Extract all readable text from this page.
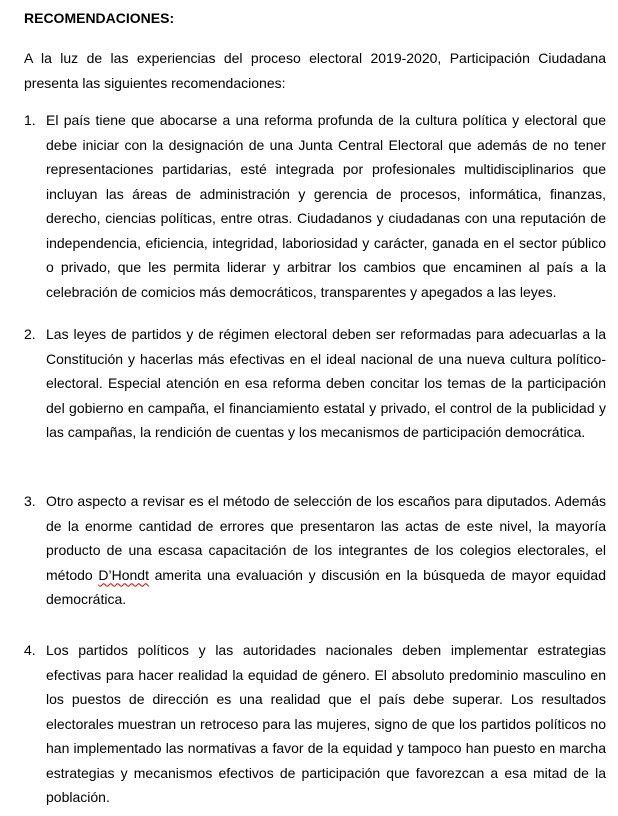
RECOMENDACIONES:

A la luz de las experiencias del proceso electoral 2019-2020, Participación Ciudadana presenta las siguientes recomendaciones:

1. El país tiene que abocarse a una reforma profunda de la cultura política y electoral que debe iniciar con la designación de una Junta Central Electoral que además de no tener representaciones partidarias, esté integrada por profesionales multidisciplinarios que incluyan las áreas de administración y gerencia de procesos, informática, finanzas, derecho, ciencias políticas, entre otras. Ciudadanos y ciudadanas con una reputación de independencia, eficiencia, integridad, laboriosidad y carácter, ganada en el sector público o privado, que les permita liderar y arbitrar los cambios que encaminen al país a la celebración de comicios más democráticos, transparentes y apegados a las leyes.

2. Las leyes de partidos y de régimen electoral deben ser reformadas para adecuarlas a la Constitución y hacerlas más efectivas en el ideal nacional de una nueva cultura político-electoral. Especial atención en esa reforma deben concitar los temas de la participación del gobierno en campaña, el financiamiento estatal y privado, el control de la publicidad y las campañas, la rendición de cuentas y los mecanismos de participación democrática.

3. Otro aspecto a revisar es el método de selección de los escaños para diputados. Además de la enorme cantidad de errores que presentaron las actas de este nivel, la mayoría producto de una escasa capacitación de los integrantes de los colegios electorales, el método D’Hondt amerita una evaluación y discusión en la búsqueda de mayor equidad democrática.

4. Los partidos políticos y las autoridades nacionales deben implementar estrategias efectivas para hacer realidad la equidad de género. El absoluto predominio masculino en los puestos de dirección es una realidad que el país debe superar. Los resultados electorales muestran un retroceso para las mujeres, signo de que los partidos políticos no han implementado las normativas a favor de la equidad y tampoco han puesto en marcha estrategias y mecanismos efectivos de participación que favorezcan a esa mitad de la población.
